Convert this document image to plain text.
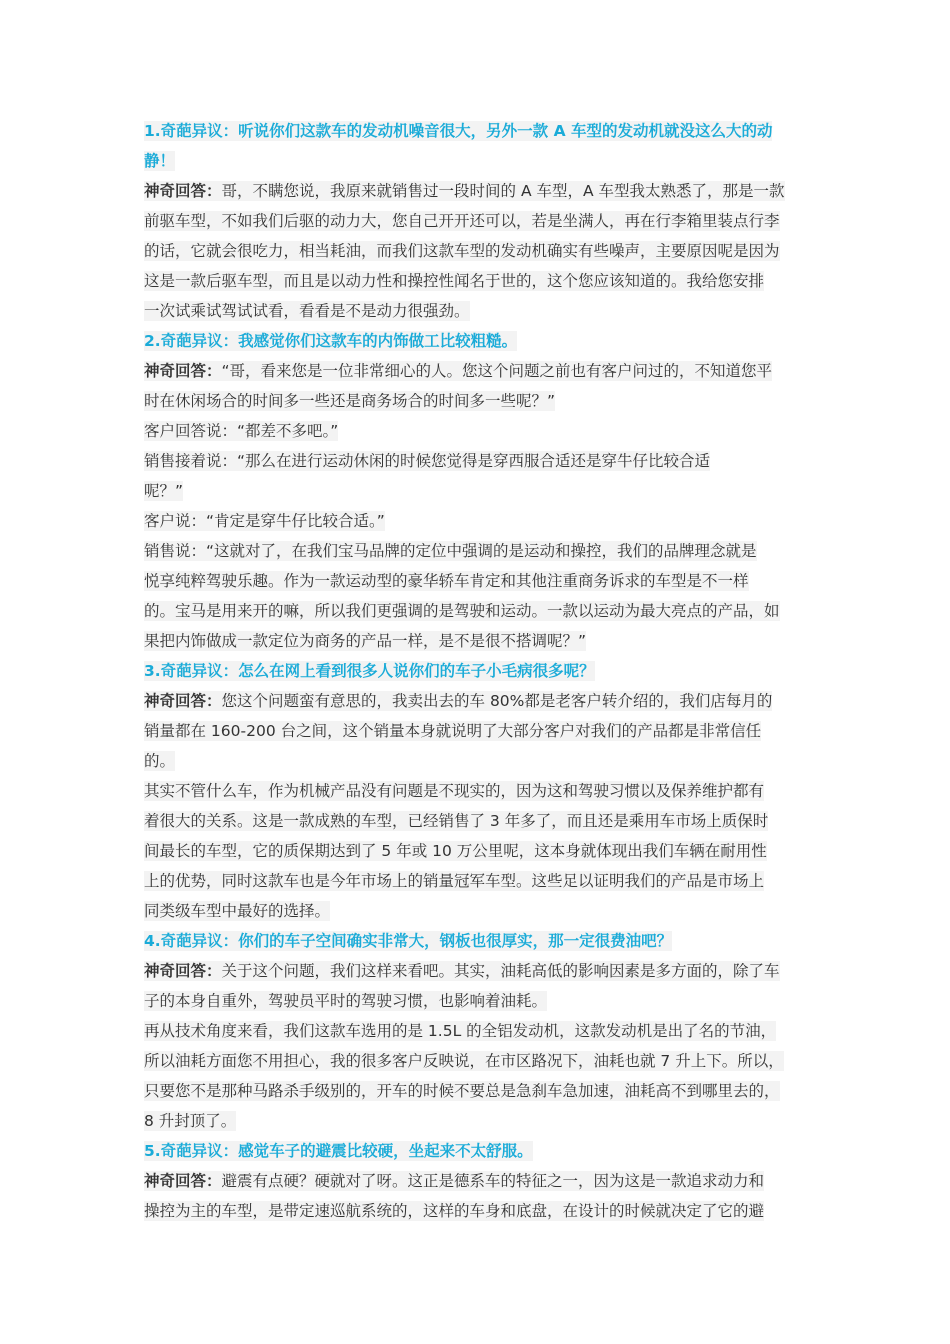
1.奇葩异议：听说你们这款车的发动机噪音很大，另外一款 A 车型的发动机就没这么大的动
静！
神奇回答：哥，不瞒您说，我原来就销售过一段时间的 A 车型，A 车型我太熟悉了，那是一款
前驱车型，不如我们后驱的动力大，您自己开开还可以，若是坐满人，再在行李箱里装点行李
的话，它就会很吃力，相当耗油，而我们这款车型的发动机确实有些噪声，主要原因呢是因为
这是一款后驱车型，而且是以动力性和操控性闻名于世的，这个您应该知道的。我给您安排
一次试乘试驾试试看，看看是不是动力很强劲。
2.奇葩异议：我感觉你们这款车的内饰做工比较粗糙。
神奇回答：“哥，看来您是一位非常细心的人。您这个问题之前也有客户问过的，不知道您平
时在休闲场合的时间多一些还是商务场合的时间多一些呢？”
客户回答说：“都差不多吧。”
销售接着说：“那么在进行运动休闲的时候您觉得是穿西服合适还是穿牛仔比较合适
呢？”
客户说：“肯定是穿牛仔比较合适。”
销售说：“这就对了，在我们宝马品牌的定位中强调的是运动和操控，我们的品牌理念就是
悦享纯粹驾驶乐趣。作为一款运动型的豪华轿车肯定和其他注重商务诉求的车型是不一样
的。宝马是用来开的嘛，所以我们更强调的是驾驶和运动。一款以运动为最大亮点的产品，如
果把内饰做成一款定位为商务的产品一样，是不是很不搭调呢？”
3.奇葩异议：怎么在网上看到很多人说你们的车子小毛病很多呢？
神奇回答：您这个问题蛮有意思的，我卖出去的车 80%都是老客户转介绍的，我们店每月的
销量都在 160-200 台之间，这个销量本身就说明了大部分客户对我们的产品都是非常信任
的。
其实不管什么车，作为机械产品没有问题是不现实的，因为这和驾驶习惯以及保养维护都有
着很大的关系。这是一款成熟的车型，已经销售了 3 年多了，而且还是乘用车市场上质保时
间最长的车型，它的质保期达到了 5 年或 10 万公里呢，这本身就体现出我们车辆在耐用性
上的优势，同时这款车也是今年市场上的销量冠军车型。这些足以证明我们的产品是市场上
同类级车型中最好的选择。
4.奇葩异议：你们的车子空间确实非常大，钢板也很厚实，那一定很费油吧？
神奇回答：关于这个问题，我们这样来看吧。其实，油耗高低的影响因素是多方面的，除了车
子的本身自重外，驾驶员平时的驾驶习惯，也影响着油耗。
再从技术角度来看，我们这款车选用的是 1.5L 的全铝发动机，这款发动机是出了名的节油，
所以油耗方面您不用担心，我的很多客户反映说，在市区路况下，油耗也就 7 升上下。所以，
只要您不是那种马路杀手级别的，开车的时候不要总是急刹车急加速，油耗高不到哪里去的，
8 升封顶了。
5.奇葩异议：感觉车子的避震比较硬，坐起来不太舒服。
神奇回答：避震有点硬？硬就对了呀。这正是德系车的特征之一，因为这是一款追求动力和
操控为主的车型，是带定速巡航系统的，这样的车身和底盘，在设计的时候就决定了它的避
